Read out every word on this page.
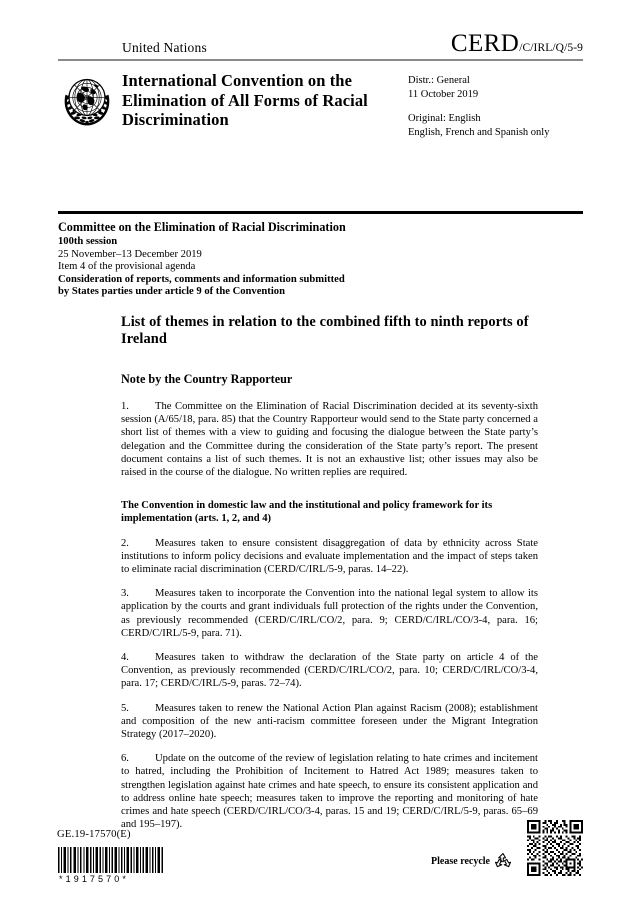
United Nations	CERD/C/IRL/Q/5-9
International Convention on the Elimination of All Forms of Racial Discrimination
Distr.: General
11 October 2019
Original: English
English, French and Spanish only
Committee on the Elimination of Racial Discrimination
100th session
25 November–13 December 2019
Item 4 of the provisional agenda
Consideration of reports, comments and information submitted
by States parties under article 9 of the Convention
List of themes in relation to the combined fifth to ninth reports of Ireland
Note by the Country Rapporteur

1. The Committee on the Elimination of Racial Discrimination decided at its seventy-sixth session (A/65/18, para. 85) that the Country Rapporteur would send to the State party concerned a short list of themes with a view to guiding and focusing the dialogue between the State party’s delegation and the Committee during the consideration of the State party’s report. The present document contains a list of such themes. It is not an exhaustive list; other issues may also be raised in the course of the dialogue. No written replies are required.

The Convention in domestic law and the institutional and policy framework for its implementation (arts. 1, 2, and 4)

2. Measures taken to ensure consistent disaggregation of data by ethnicity across State institutions to inform policy decisions and evaluate implementation and the impact of steps taken to eliminate racial discrimination (CERD/C/IRL/5-9, paras. 14–22).

3. Measures taken to incorporate the Convention into the national legal system to allow its application by the courts and grant individuals full protection of the rights under the Convention, as previously recommended (CERD/C/IRL/CO/2, para. 9; CERD/C/IRL/CO/3-4, para. 16; CERD/C/IRL/5-9, para. 71).

4. Measures taken to withdraw the declaration of the State party on article 4 of the Convention, as previously recommended (CERD/C/IRL/CO/2, para. 10; CERD/C/IRL/CO/3-4, para. 17; CERD/C/IRL/5-9, paras. 72–74).

5. Measures taken to renew the National Action Plan against Racism (2008); establishment and composition of the new anti-racism committee foreseen under the Migrant Integration Strategy (2017–2020).

6. Update on the outcome of the review of legislation relating to hate crimes and incitement to hatred, including the Prohibition of Incitement to Hatred Act 1989; measures taken to strengthen legislation against hate crimes and hate speech, to ensure its consistent application and to address online hate speech; measures taken to improve the reporting and monitoring of hate crimes and hate speech (CERD/C/IRL/CO/3-4, paras. 15 and 19; CERD/C/IRL/5-9, paras. 65–69 and 195–197).

GE.19-17570(E)
*1917570*
Please recycle
